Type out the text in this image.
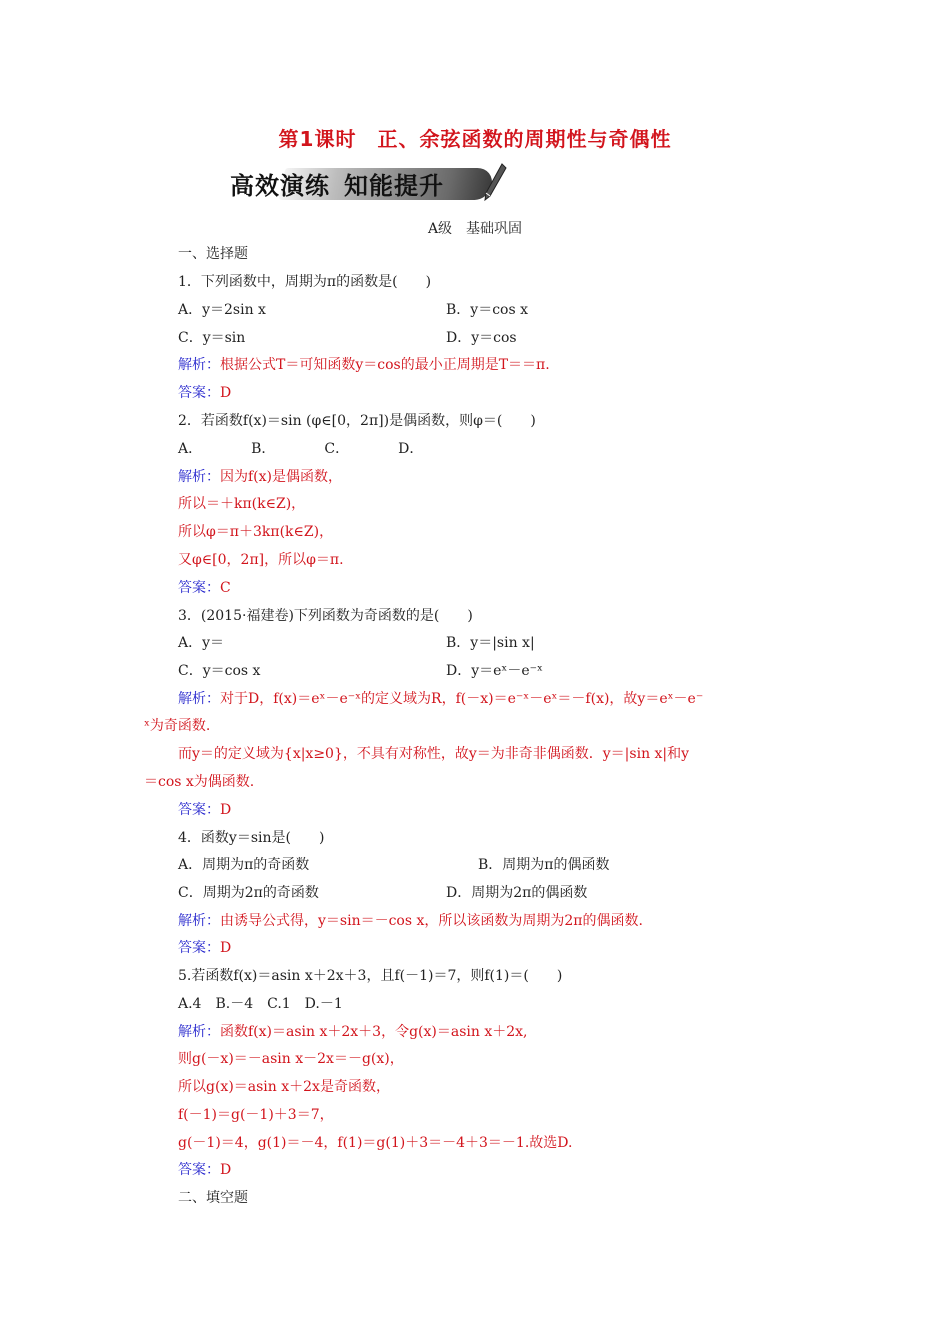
第1课时　正、余弦函数的周期性与奇偶性
高效演练 知能提升
A级　基础巩固
一、选择题
1．下列函数中，周期为π的函数是(　　)
A．y＝2sin x	B．y＝cos x
C．y＝sin	D．y＝cos
解析：根据公式T＝可知函数y＝cos的最小正周期是T＝＝π.
答案：D
2．若函数f(x)＝sin (φ∈[0，2π])是偶函数，则φ＝(　　)
A．　　　　B．　　　　C．　　　　D．
解析：因为f(x)是偶函数，
所以＝＋kπ(k∈Z)，
所以φ＝π＋3kπ(k∈Z)，
又φ∈[0，2π]，所以φ＝π.
答案：C
3．(2015·福建卷)下列函数为奇函数的是(　　)
A．y＝	B．y＝|sin x|
C．y＝cos x	D．y＝eˣ－e⁻ˣ
解析：对于D，f(x)＝eˣ－e⁻ˣ的定义域为R，f(－x)＝e⁻ˣ－eˣ＝－f(x)，故y＝eˣ－e⁻
ˣ为奇函数.
而y＝的定义域为{x|x≥0}，不具有对称性，故y＝为非奇非偶函数．y＝|sin x|和y
＝cos x为偶函数.
答案：D
4．函数y＝sin是(　　)
A．周期为π的奇函数	B．周期为π的偶函数
C．周期为2π的奇函数	D．周期为2π的偶函数
解析：由诱导公式得，y＝sin＝－cos x，所以该函数为周期为2π的偶函数.
答案：D
5.若函数f(x)＝asin x＋2x＋3，且f(－1)＝7，则f(1)＝(　　)
A.4　B.－4　C.1　D.－1
解析：函数f(x)＝asin x＋2x＋3，令g(x)＝asin x＋2x,
则g(－x)＝－asin x－2x＝－g(x)，
所以g(x)＝asin x＋2x是奇函数，
f(－1)＝g(－1)＋3＝7，
g(－1)＝4，g(1)＝－4，f(1)＝g(1)＋3＝－4＋3＝－1.故选D.
答案：D
二、填空题
